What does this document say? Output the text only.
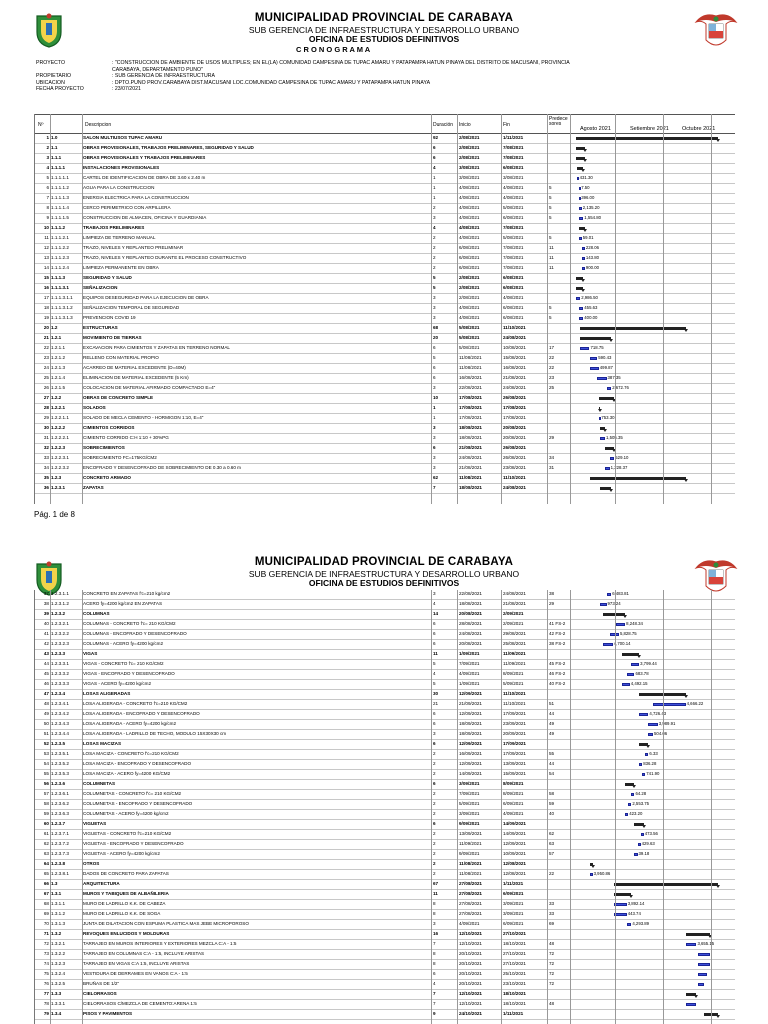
MUNICIPALIDAD PROVINCIAL DE CARABAYA
SUB GERENCIA DE INFRAESTRUCTURA Y DESARROLLO URBANO
OFICINA DE ESTUDIOS DEFINITIVOS
C R O N O G R A M A
PROYECTO	: "CONSTRUCCION DE AMBIENTE DE USOS MULTIPLES; EN EL(LA) COMUNIDAD CAMPESINA DE TUPAC AMARU Y PATAPAMPA HATUN PINAYA DEL DISTRITO DE MACUSANI, PROVINCIA
CARABAYA, DEPARTAMENTO PUNO"
PROPIETARIO	: SUB GERENCIA DE INFRAESTRUCTURA
UBICACION	: DPTO.PUNO PROV.CARABAYA DIST.MACUSANI LOC.COMUNIDAD CAMPESINA DE TUPAC AMARU Y PATAPAMPA HATUN PINAYA
FECHA PROYECTO	: 23/07/2021
Nº	Descripcion	Duración Inicio	Fin
Predece sores
Agosto 2021	Setiembre 2021 Octubre 2021
1 1.0	SALON MULTIUSOS TUPAC AMARU	92	2/08/2021	1/11/2021
2 1.1	OBRAS PROVISIONALES, TRABAJOS PRELIMINARES, SEGURIDAD Y SALUD	6	2/08/2021	7/08/2021
3 1.1.1	OBRAS PROVISIONALES Y TRABAJOS PRELIMINARES	6	2/08/2021	7/08/2021
4 1.1.1.1	INSTALACIONES PROVISIONALES	4	3/08/2021	6/08/2021
5 1.1.1.1.1	CARTEL DE IDENTIFICACION DE OBRA DE 3.60 x 2.40 m	1	3/08/2021	3/08/2021
6 1.1.1.1.2	AGUA PARA LA CONSTRUCCION	1	4/08/2021	4/08/2021	5
7 1.1.1.1.3	ENERGIA ELECTRICA PARA LA CONSTRUCCION	1	4/08/2021	4/08/2021	5
8 1.1.1.1.4	CERCO PERIMETRICO CON ARPILLERA	2	4/08/2021	5/08/2021	5
9 1.1.1.1.5	CONSTRUCCION DE ALMACEN, OFICINA Y GUARDIANIA	3	4/08/2021	6/08/2021	5
10 1.1.1.2	TRABAJOS PRELIMINARES	4	4/08/2021	7/08/2021
11 1.1.1.2.1	LIMPIEZA DE TERRENO MANUAL	2	4/08/2021	5/08/2021	5
12 1.1.1.2.2	TRAZO, NIVELES Y REPLANTEO PRELIMINAR	2	6/08/2021	7/08/2021	11
13 1.1.1.2.3	TRAZO, NIVELES Y REPLANTEO DURANTE EL PROCESO CONSTRUCTIVO	2	6/08/2021	7/08/2021	11
14 1.1.1.2.4	LIMPIEZA PERMANENTE EN OBRA	2	6/08/2021	7/08/2021	11
15 1.1.1.3	SEGURIDAD Y SALUD	5	2/08/2021	6/08/2021
16 1.1.1.3.1	SEÑALIZACION	5	2/08/2021	6/08/2021
17 1.1.1.3.1.1	EQUIPOS DESEGURIDAD PARA LA EJECUCION DE OBRA	3	2/08/2021	4/08/2021
18 1.1.1.3.1.2	SEÑALIZACION TEMPORAL DE SEGURIDAD	3	4/08/2021	6/08/2021	5
19 1.1.1.3.1.3	PREVENCION COVID 19	3	4/08/2021	6/08/2021	5
20 1.2	ESTRUCTURAS	68	5/08/2021	11/10/2021
21 1.2.1	MOVIMIENTO DE TIERRAS	20	5/08/2021	24/08/2021
22 1.2.1.1	EXCAVACION PARA CIMIENTOS Y ZAPATAS EN TERRENO NORMAL	6	5/08/2021	10/08/2021	17
23 1.2.1.2	RELLENO CON MATERIAL PROPIO	5	11/08/2021	15/08/2021	22
24 1.2.1.3	ACARREO DE MATERIAL EXCEDENTE (D=40M)	6	11/08/2021	16/08/2021	22
25 1.2.1.4	ELIMINACION DE MATERIAL EXCEDENTE (5 Km)	6	16/08/2021	21/08/2021	23
26 1.2.1.5	COLOCACION DE MATERIAL AFIRMADO COMPACTADO E=4"	3	22/08/2021	24/08/2021	25
27 1.2.2	OBRAS DE CONCRETO SIMPLE	10	17/08/2021	26/08/2021
28 1.2.2.1	SOLADOS	1	17/08/2021	17/08/2021
29 1.2.2.1.1	SOLADO DE MECLA CEMENTO - HORMIGON 1:10, E=4"	1	17/08/2021	17/08/2021
30 1.2.2.2	CIMIENTOS CORRIDOS	3	18/08/2021	20/08/2021
31 1.2.2.2.1	CIMIENTO CORRIDO C:H 1:10 + 30%PG	3	18/08/2021	20/08/2021	29
32 1.2.2.3	SOBRECIMIENTOS	6	21/08/2021	26/08/2021
33 1.2.2.3.1	SOBRECIMIENTO FC=175KG/CM2	3	24/08/2021	26/08/2021	34
34 1.2.2.3.2	ENCOFRADO Y DESENCOFRADO DE SOBRECIMIENTO DE 0.30 a 0.60 m	3	21/08/2021	23/08/2021	31
35 1.2.3	CONCRETO ARMADO	62	11/08/2021	11/10/2021
36 1.2.3.1	ZAPATAS	7	18/08/2021	24/08/2021
431.30
7.50
396.00
2,135.20
1,554.80
59.01
228.06
143.80
900.00
2,986.50
455.63
400.00
718.75
590.43
499.87
387.35
2,672.76
753.30
1,505.35
529.10
1,228.37
Pág. 1 de 8
MUNICIPALIDAD PROVINCIAL DE CARABAYA
SUB GERENCIA DE INFRAESTRUCTURA Y DESARROLLO URBANO
OFICINA DE ESTUDIOS DEFINITIVOS
37 1.2.3.1.1	CONCRETO EN ZAPATAS f'c=210 kg/cm2	3	22/08/2021	24/08/2021	38
38 1.2.3.1.2	ACERO fy=4200 kg/cm2 EN ZAPATAS	4	18/08/2021	21/08/2021	29
39 1.2.3.2	COLUMNAS	14	20/08/2021	2/09/2021
40 1.2.3.2.1	COLUMNAS - CONCRETO f'c= 210 KG/CM2	6	28/08/2021	2/09/2021	41 FS-2
41 1.2.3.2.2	COLUMNAS - ENCOFRADO Y DESENCOFRADO	6	24/08/2021	29/08/2021	42 FS-2
42 1.2.3.2.3	COLUMNAS - ACERO fy=4200 kg/cm2	6	20/08/2021	25/08/2021	38 FS-2
43 1.2.3.3	VIGAS	11	1/09/2021	11/09/2021
44 1.2.3.3.1	VIGAS - CONCRETO f'c= 210 KG/CM2	5	7/09/2021	11/09/2021	45 FS-2
45 1.2.3.3.2	VIGAS - ENCOFRADO Y DESENCOFRADO	4	4/09/2021	8/09/2021	46 FS-2
46 1.2.3.3.3	VIGAS - ACERO fy=4200 kg/cm2	5	1/09/2021	5/09/2021	40 FS-2
47 1.2.3.4	LOSAS ALIGERADAS	30	12/09/2021	11/10/2021
48 1.2.3.4.1	LOSA ALIGERADA - CONCRETO f'c=210 KG/CM2	21	21/09/2021	11/10/2021	51
49 1.2.3.4.2	LOSA ALIGERADA - ENCOFRADO Y DESENCOFRADO	6	12/09/2021	17/09/2021	44
50 1.2.3.4.3	LOSA ALIGERADA - ACERO fy=4200 kg/cm2	6	18/09/2021	23/09/2021	49
51 1.2.3.4.4	LOSA ALIGERADA - LADRILLO DE TECHO, MODULO 15X30X30 cm	3	18/09/2021	20/09/2021	49
52 1.2.3.5	LOSAS MACIZAS	6	12/09/2021	17/09/2021
53 1.2.3.5.1	LOSA MACIZA - CONCRETO f'c=210 KG/CM2	2	16/09/2021	17/09/2021	55
54 1.2.3.5.2	LOSA MACIZA - ENCOFRADO Y DESENCOFRADO	2	12/09/2021	13/09/2021	44
55 1.2.3.5.3	LOSA MACIZA - ACERO fy=4200 KG/CM2	2	14/09/2021	15/09/2021	54
56 1.2.3.6	COLUMNETAS	6	3/09/2021	8/09/2021
57 1.2.3.6.1	COLUMNETAS - CONCRETO f'c= 210 KG/CM2	2	7/09/2021	8/09/2021	58
58 1.2.3.6.2	COLUMNETAS - ENCOFRADO Y DESENCOFRADO	2	5/09/2021	6/09/2021	59
59 1.2.3.6.3	COLUMNETAS - ACERO fy=4200 kg/cm2	2	3/09/2021	4/09/2021	40
60 1.2.3.7	VIGUETAS	6	9/09/2021	14/09/2021
61 1.2.3.7.1	VIGUETAS - CONCRETO f'c=210 KG/CM2	2	13/09/2021	14/09/2021	62
62 1.2.3.7.2	VIGUETAS - ENCOFRADO Y DESENCOFRADO	2	11/09/2021	12/09/2021	63
63 1.2.3.7.3	VIGUETAS - ACERO fy=4200 kg/cm2	2	9/09/2021	10/09/2021	57
64 1.2.3.8	OTROS	2	11/08/2021	12/08/2021
65 1.2.3.8.1	DADOS DE CONCRETO PARA ZAPATAS	2	11/08/2021	12/08/2021	22
66 1.3	ARQUITECTURA	67	27/08/2021	1/11/2021
67 1.3.1	MUROS Y TABIQUES DE ALBAÑILERIA	11	27/08/2021	6/09/2021
68 1.3.1.1	MURO DE LADRILLO K.K. DE CABEZA	8	27/08/2021	3/09/2021	33
69 1.3.1.2	MURO DE LADRILLO K.K. DE SOGA	8	27/08/2021	3/09/2021	33
70 1.3.1.3	JUNTA DE DILATACION CON ESPUMA PLASTICA MAS JEBE MICROPOROSO	3	4/09/2021	6/09/2021	69
71 1.3.2	REVOQUES ENLUCIDOS Y MOLDURAS	16	12/10/2021	27/10/2021
72 1.3.2.1	TARRAJEO EN MUROS INTERIORES Y EXTERIORES MEZCLA C:A - 1:5	7	12/10/2021	18/10/2021	48
73 1.3.2.2	TARRAJEO EN COLUMNAS C:A - 1:5, INCLUYE ARISTAS	8	20/10/2021	27/10/2021	72
74 1.3.2.3	TARRAJEO EN VIGAS C:A 1:5, INCLUYE ARISTAS	8	20/10/2021	27/10/2021	72
75 1.3.2.4	VESTIDURA DE DERRAMES EN VANOS C:A - 1:5	6	20/10/2021	25/10/2021	72
76 1.3.2.5	BRUÑAS DE 1/2"	4	20/10/2021	23/10/2021	72
77 1.3.3	CIELORRASOS	7	12/10/2021	18/10/2021
78 1.3.3.1	CIELORRASOS C/MEZCLA DE CEMENTO:ARENA 1:5	7	12/10/2021	18/10/2021	48
79 1.3.4	PISOS Y PAVIMENTOS	9	24/10/2021	1/11/2021
6,483.81
973.24
8,248.34
5,828.75
4,700.14
3,799.44
683.78
4,492.15
4,666.22
4,726.43
3,989.91
504.06
6.33
836.28
741.90
64.28
2,553.75
423.20
473.56
429.63
39.18
3,950.86
3,892.14
443.74
4,293.89
3,655.15
